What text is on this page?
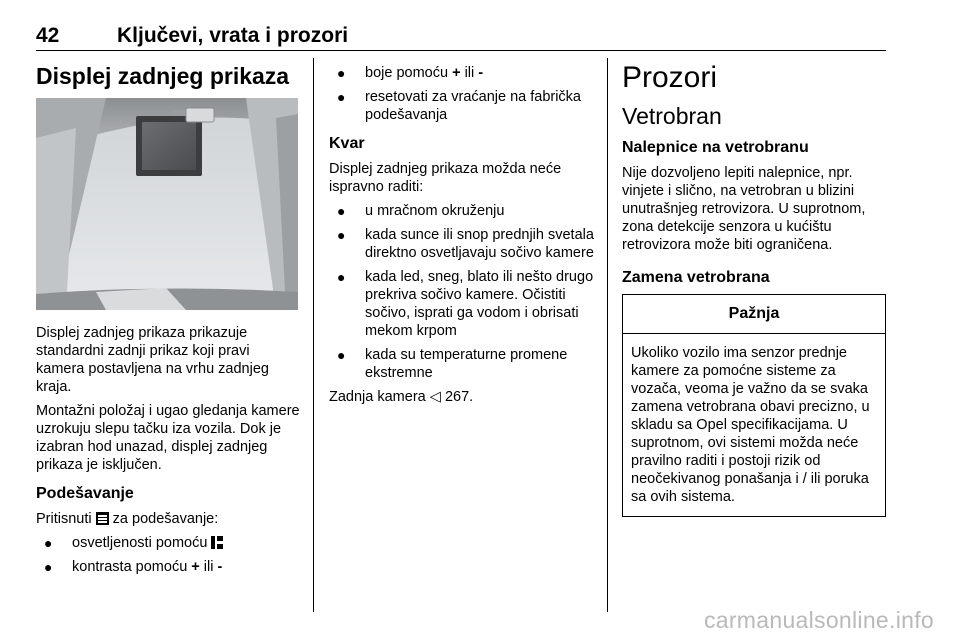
42	Ključevi, vrata i prozori
Displej zadnjeg prikaza
Displej zadnjeg prikaza prikazuje standardni zadnji prikaz koji pravi kamera postavljena na vrhu zadnjeg kraja.
Montažni položaj i ugao gledanja kamere uzrokuju slepu tačku iza vozila. Dok je izabran hod unazad, displej zadnjeg prikaza je isključen.
Podešavanje
Pritisnuti za podešavanje:
● osvetljenosti pomoću
● kontrasta pomoću + ili -
● boje pomoću + ili -
● resetovati za vraćanje na fabrička podešavanja
Kvar
Displej zadnjeg prikaza možda neće ispravno raditi:
● u mračnom okruženju
● kada sunce ili snop prednjih svetala direktno osvetljavaju sočivo kamere
● kada led, sneg, blato ili nešto drugo prekriva sočivo kamere. Očistiti sočivo, isprati ga vodom i obrisati mekom krpom
● kada su temperaturne promene ekstremne
Zadnja kamera ◁ 267.
Prozori
Vetrobran
Nalepnice na vetrobranu
Nije dozvoljeno lepiti nalepnice, npr. vinjete i slično, na vetrobran u blizini unutrašnjeg retrovizora. U suprotnom, zona detekcije senzora u kućištu retrovizora može biti ograničena.
Zamena vetrobrana
Pažnja
Ukoliko vozilo ima senzor prednje kamere za pomoćne sisteme za vozača, veoma je važno da se svaka zamena vetrobrana obavi precizno, u skladu sa Opel specifikacijama. U suprotnom, ovi sistemi možda neće pravilno raditi i postoji rizik od neočekivanog ponašanja i / ili poruka sa ovih sistema.
carmanualsonline.info
